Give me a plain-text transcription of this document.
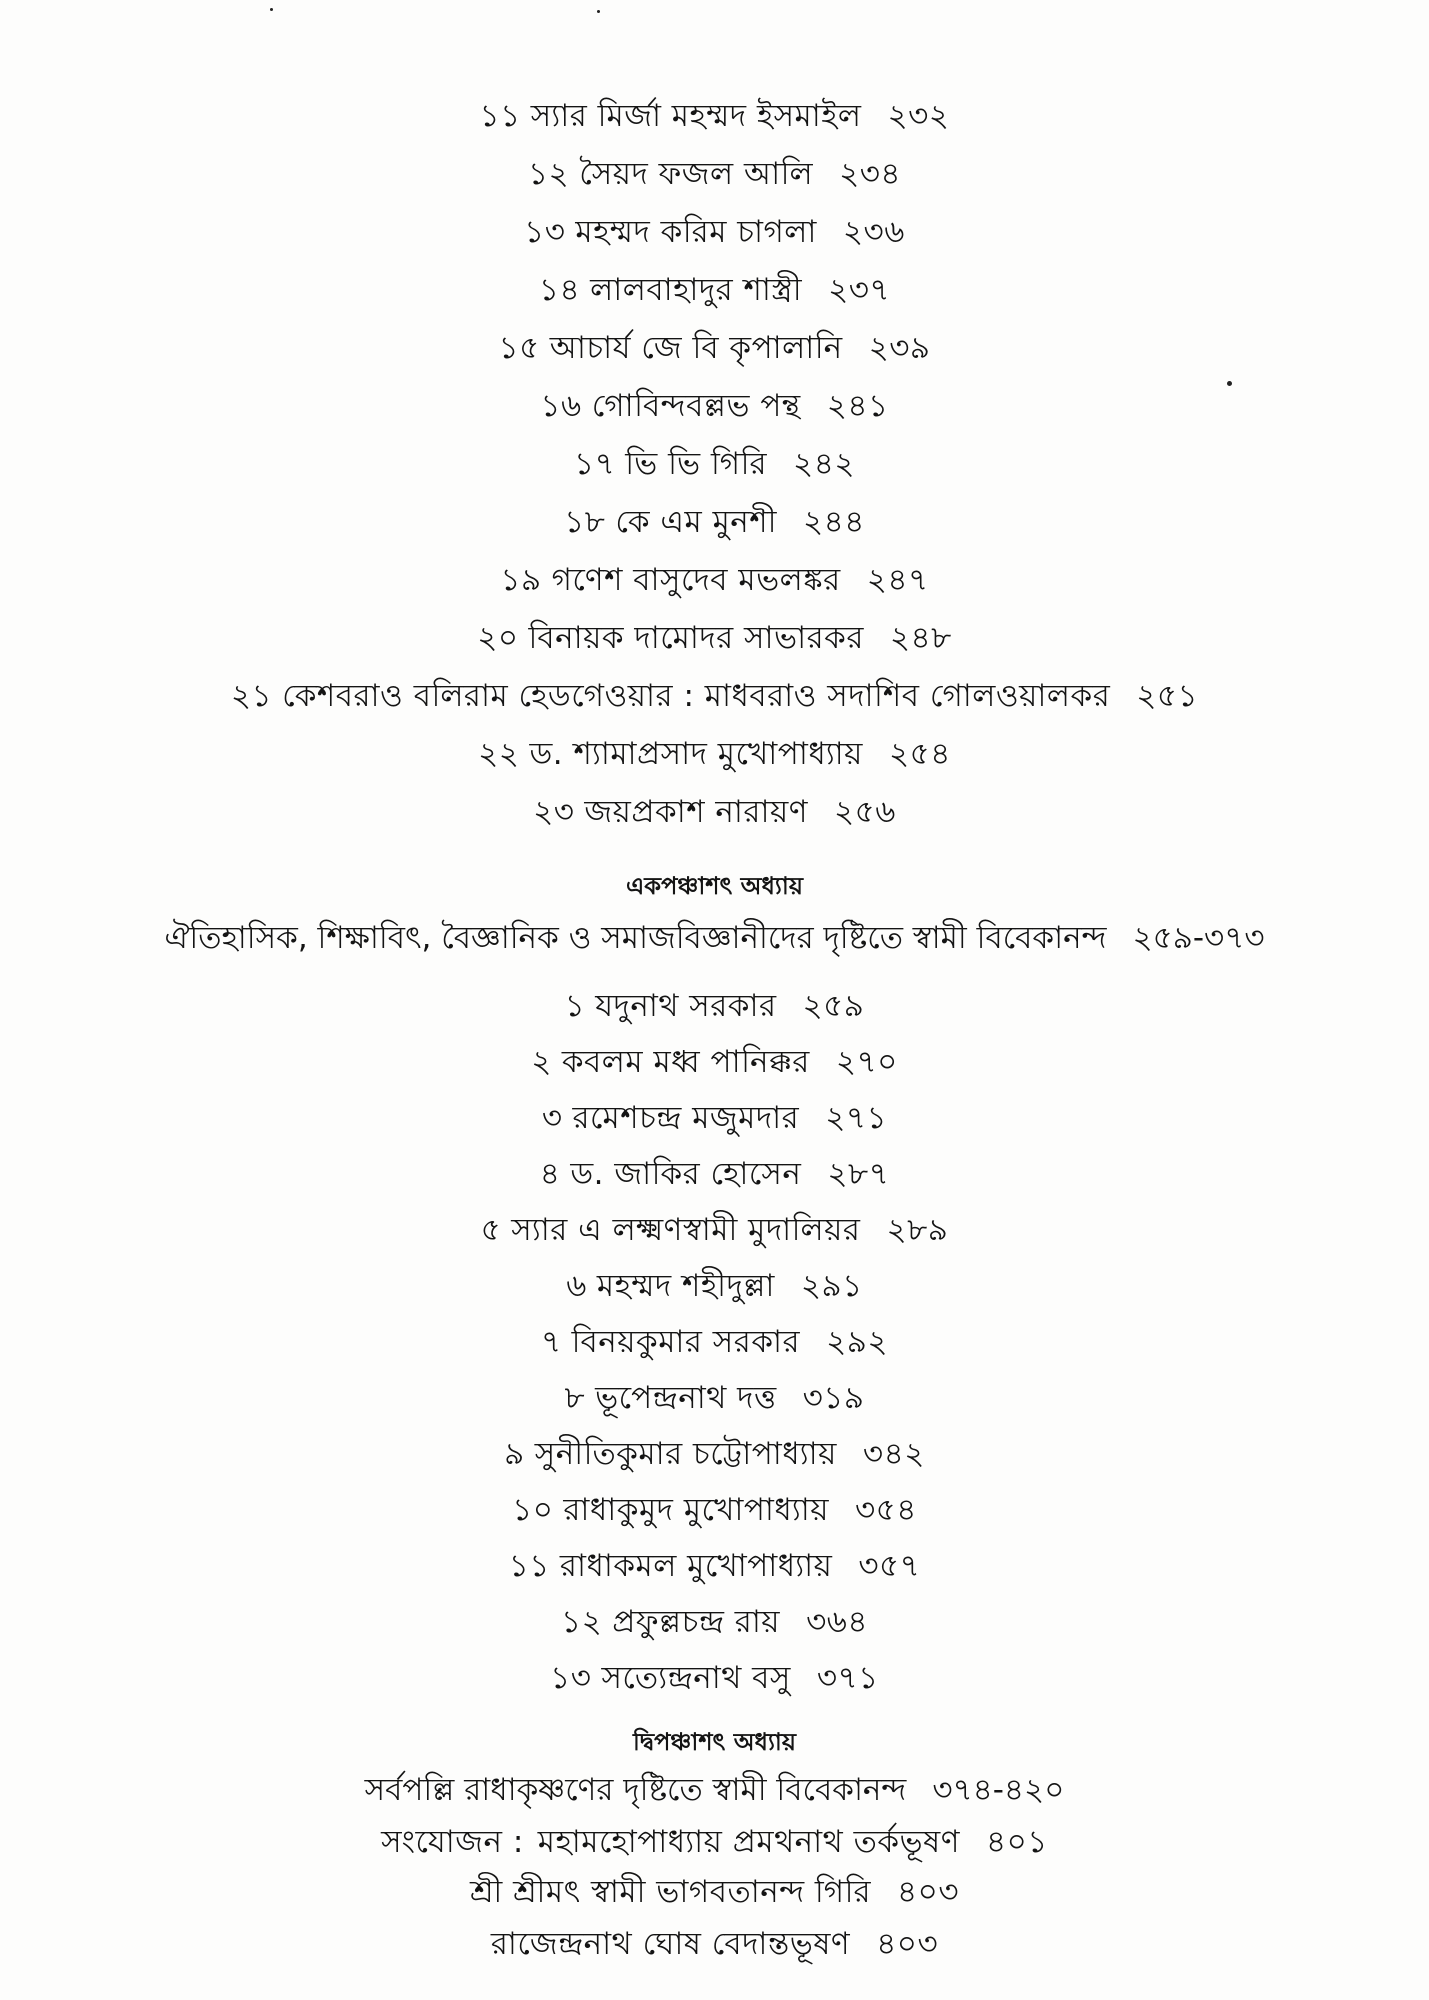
১১ স্যার মির্জা মহম্মদ ইসমাইল ২৩২
১২ সৈয়দ ফজল আলি ২৩৪
১৩ মহম্মদ করিম চাগলা ২৩৬
১৪ লালবাহাদুর শাস্ত্রী ২৩৭
১৫ আচার্য জে বি কৃপালানি ২৩৯
১৬ গোবিন্দবল্লভ পন্থ ২৪১
১৭ ভি ভি গিরি ২৪২
১৮ কে এম মুনশী ২৪৪
১৯ গণেশ বাসুদেব মভলঙ্কর ২৪৭
২০ বিনায়ক দামোদর সাভারকর ২৪৮
২১ কেশবরাও বলিরাম হেডগেওয়ার : মাধবরাও সদাশিব গোলওয়ালকর ২৫১
২২ ড. শ্যামাপ্রসাদ মুখোপাধ্যায় ২৫৪
২৩ জয়প্রকাশ নারায়ণ ২৫৬
একপঞ্চাশৎ অধ্যায়
ঐতিহাসিক, শিক্ষাবিৎ, বৈজ্ঞানিক ও সমাজবিজ্ঞানীদের দৃষ্টিতে স্বামী বিবেকানন্দ ২৫৯-৩৭৩
১ যদুনাথ সরকার ২৫৯
২ কবলম মধ্ব পানিক্কর ২৭০
৩ রমেশচন্দ্র মজুমদার ২৭১
৪ ড. জাকির হোসেন ২৮৭
৫ স্যার এ লক্ষ্মণস্বামী মুদালিয়র ২৮৯
৬ মহম্মদ শহীদুল্লা ২৯১
৭ বিনয়কুমার সরকার ২৯২
৮ ভূপেন্দ্রনাথ দত্ত ৩১৯
৯ সুনীতিকুমার চট্টোপাধ্যায় ৩৪২
১০ রাধাকুমুদ মুখোপাধ্যায় ৩৫৪
১১ রাধাকমল মুখোপাধ্যায় ৩৫৭
১২ প্রফুল্লচন্দ্র রায় ৩৬৪
১৩ সত্যেন্দ্রনাথ বসু ৩৭১
দ্বিপঞ্চাশৎ অধ্যায়
সর্বপল্লি রাধাকৃষ্ণণের দৃষ্টিতে স্বামী বিবেকানন্দ ৩৭৪-৪২০
সংযোজন : মহামহোপাধ্যায় প্রমথনাথ তর্কভূষণ ৪০১
শ্রী শ্রীমৎ স্বামী ভাগবতানন্দ গিরি ৪০৩
রাজেন্দ্রনাথ ঘোষ বেদান্তভূষণ ৪০৩
